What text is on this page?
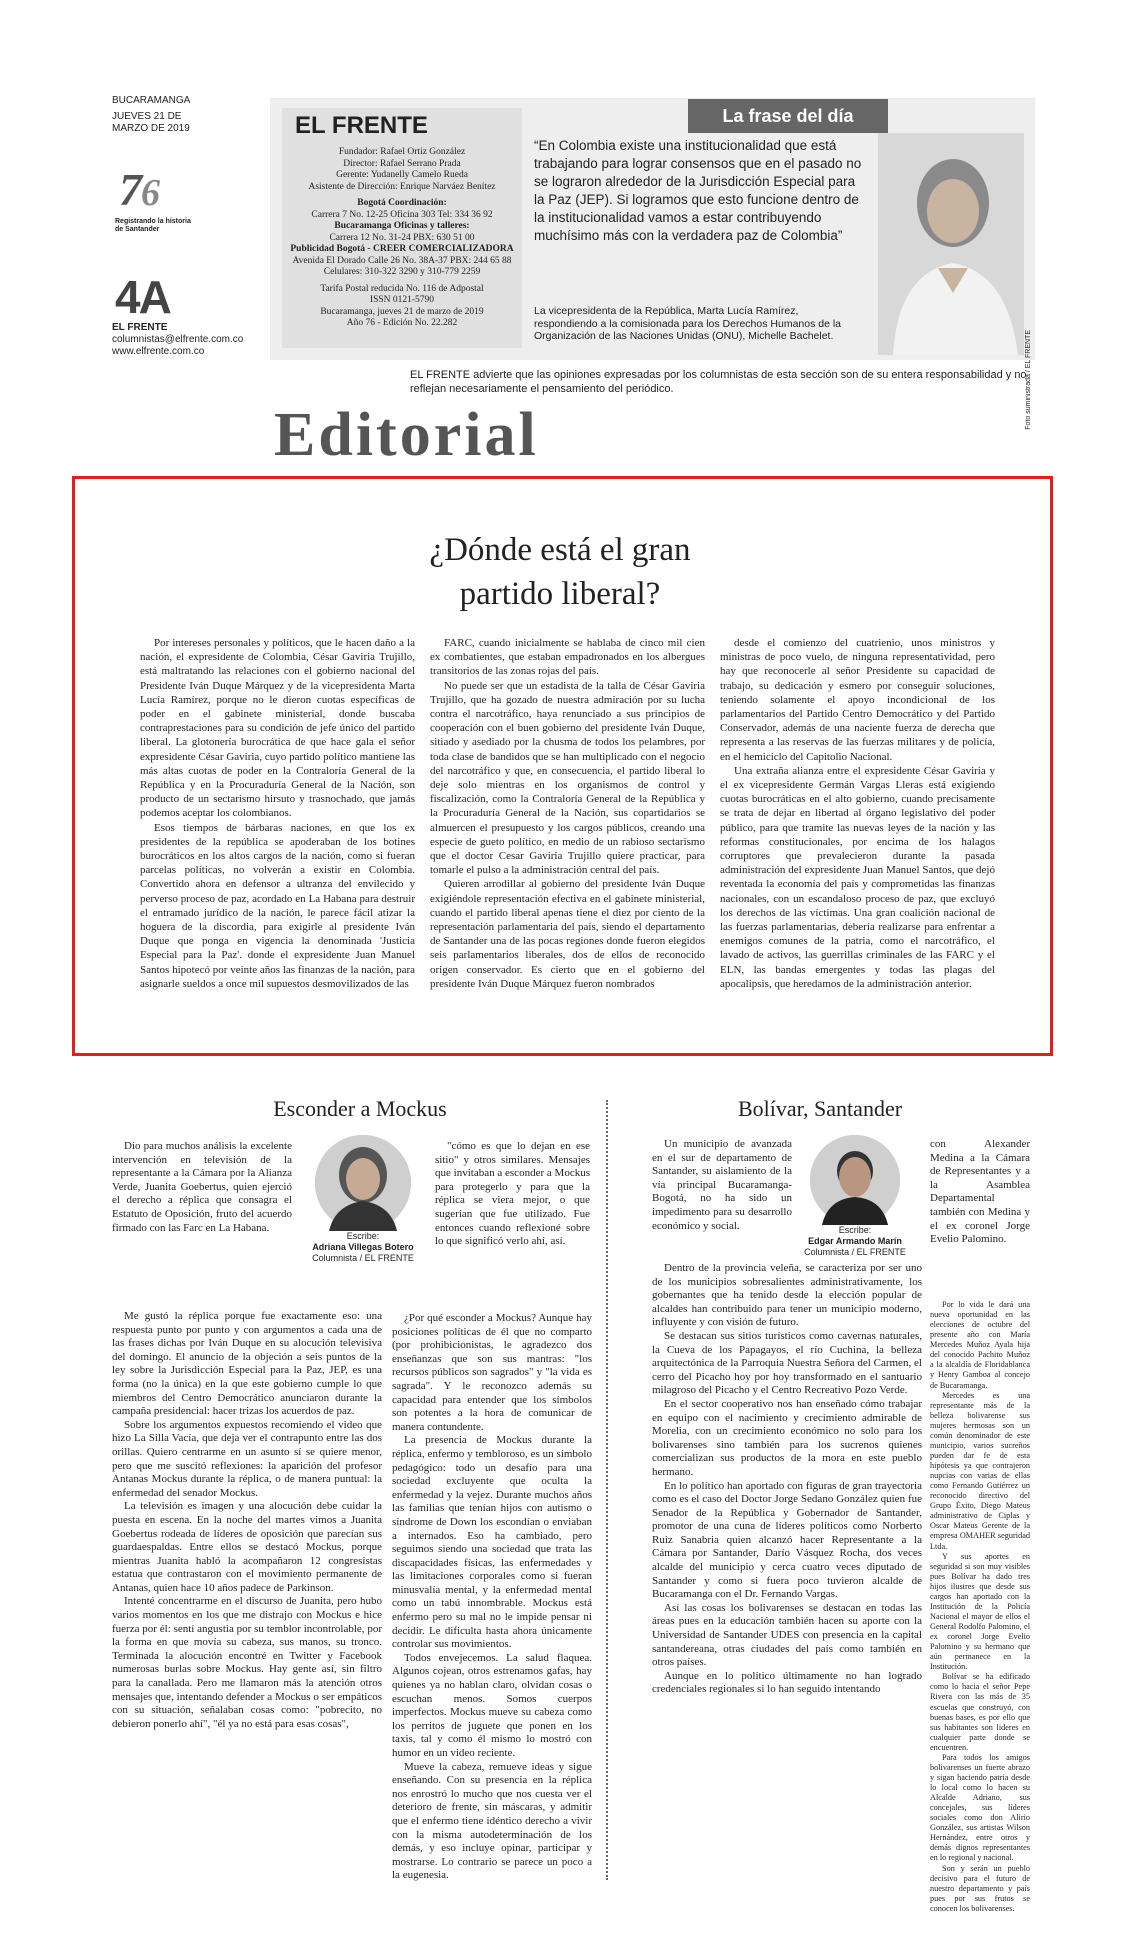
BUCARAMANGA
JUEVES 21 DE MARZO DE 2019
7 6
Registrando la historia de Santander
4A
EL FRENTE
columnistas@elfrente.com.co
www.elfrente.com.co
EL FRENTE
Fundador: Rafael Ortiz González
Director: Rafael Serrano Prada
Gerente: Yudanelly Camelo Rueda
Asistente de Dirección: Enrique Narváez Benítez
Bogotá Coordinación:
Carrera 7 No. 12-25 Oficina 303 Tel: 334 36 92
Bucaramanga Oficinas y talleres:
Carrera 12 No. 31-24 PBX: 630 51 00
Publicidad Bogotá - CREER COMERCIALIZADORA
Avenida El Dorado Calle 26 No. 38A-37 PBX: 244 65 88
Celulares: 310-322 3290 y 310-779 2259
Tarifa Postal reducida No. 116 de Adpostal
ISSN 0121-5790
Bucaramanga, jueves 21 de marzo de 2019
Año 76 - Edición No. 22.282
La frase del día
“En Colombia existe una institucionalidad que está trabajando para lograr consensos que en el pasado no se lograron alrededor de la Jurisdicción Especial para la Paz (JEP). Si logramos que esto funcione dentro de la institucionalidad vamos a estar contribuyendo muchísimo más con la verdadera paz de Colombia”
La vicepresidenta de la República, Marta Lucía Ramírez, respondiendo a la comisionada para los Derechos Humanos de la Organización de las Naciones Unidas (ONU), Michelle Bachelet.	Foto suministrada / EL FRENTE
EL FRENTE advierte que las opiniones expresadas por los columnistas de esta sección son de su entera responsabilidad y no reflejan necesariamente el pensamiento del periódico.
Editorial
¿Dónde está el gran
partido liberal?

Por intereses personales y políticos, que le hacen daño a la nación, el expresidente de Colombia, César Gaviria Trujillo, está maltratando las relaciones con el gobierno nacional del Presidente Iván Duque Márquez y de la vicepresidenta Marta Lucía Ramírez, porque no le dieron cuotas específicas de poder en el gabinete ministerial, donde buscaba contraprestaciones para su condición de jefe único del partido liberal. La glotonería burocrática de que hace gala el señor expresidente César Gaviria, cuyo partido político mantiene las más altas cuotas de poder en la Contraloría General de la República y en la Procuraduría General de la Nación, son producto de un sectarismo hirsuto y trasnochado, que jamás podemos aceptar los colombianos.

Esos tiempos de bárbaras naciones, en que los ex presidentes de la república se apoderaban de los botines burocráticos en los altos cargos de la nación, como si fueran parcelas políticas, no volverán a existir en Colombia. Convertido ahora en defensor a ultranza del envilecido y perverso proceso de paz, acordado en La Habana para destruir el entramado jurídico de la nación, le parece fácil atizar la hoguera de la discordia, para exigirle al presidente Iván Duque que ponga en vigencia la denominada 'Justicia Especial para la Paz'. donde el expresidente Juan Manuel Santos hipotecó por veinte años las finanzas de la nación, para asignarle sueldos a once mil supuestos desmovilizados de las

FARC, cuando inicialmente se hablaba de cinco mil cien ex combatientes, que estaban empadronados en los albergues transitorios de las zonas rojas del país.

No puede ser que un estadista de la talla de César Gaviria Trujillo, que ha gozado de nuestra admiración por su lucha contra el narcotráfico, haya renunciado a sus principios de cooperación con el buen gobierno del presidente Iván Duque, sitiado y asediado por la chusma de todos los pelambres, por toda clase de bandidos que se han multiplicado con el negocio del narcotráfico y que, en consecuencia, el partido liberal lo deje solo mientras en los organismos de control y fiscalización, como la Contraloría General de la República y la Procuraduría General de la Nación, sus copartidarios se almuercen el presupuesto y los cargos públicos, creando una especie de gueto político, en medio de un rabioso sectarismo que el doctor Cesar Gaviria Trujillo quiere practicar, para tomarle el pulso a la administración central del país.

Quieren arrodillar al gobierno del presidente Iván Duque exigiéndole representación efectiva en el gabinete ministerial, cuando el partido liberal apenas tiene el diez por ciento de la representación parlamentaria del país, siendo el departamento de Santander una de las pocas regiones donde fueron elegidos seis parlamentarios liberales, dos de ellos de reconocido origen conservador. Es cierto que en el gobierno del presidente Iván Duque Márquez fueron nombrados

desde el comienzo del cuatrienio, unos ministros y ministras de poco vuelo, de ninguna representatividad, pero hay que reconocerle al señor Presidente su capacidad de trabajo, su dedicación y esmero por conseguir soluciones, teniendo solamente el apoyo incondicional de los parlamentarios del Partido Centro Democrático y del Partido Conservador, además de una naciente fuerza de derecha que representa a las reservas de las fuerzas militares y de policía, en el hemiciclo del Capitolio Nacional.

Una extraña alianza entre el expresidente César Gaviria y el ex vicepresidente Germán Vargas Lleras está exigiendo cuotas burocráticas en el alto gobierno, cuando precisamente se trata de dejar en libertad al órgano legislativo del poder público, para que tramite las nuevas leyes de la nación y las reformas constitucionales, por encima de los halagos corruptores que prevalecieron durante la pasada administración del expresidente Juan Manuel Santos, que dejó reventada la economía del país y comprometidas las finanzas nacionales, con un escandaloso proceso de paz, que excluyó los derechos de las víctimas. Una gran coalición nacional de las fuerzas parlamentarias, debería realizarse para enfrentar a enemigos comunes de la patria, como el narcotráfico, el lavado de activos, las guerrillas criminales de las FARC y el ELN, las bandas emergentes y todas las plagas del apocalipsis, que heredamos de la administración anterior.

Esconder a Mockus
Escribe:
Adriana Villegas Botero
Columnista / EL FRENTE

Dio para muchos análisis la excelente intervención en televisión de la representante a la Cámara por la Alianza Verde, Juanita Goebertus, quien ejerció el derecho a réplica que consagra el Estatuto de Oposición, fruto del acuerdo firmado con las Farc en La Habana.

Me gustó la réplica porque fue exactamente eso: una respuesta punto por punto y con argumentos a cada una de las frases dichas por Iván Duque en su alocución televisiva del domingo. El anuncio de la objeción a seis puntos de la ley sobre la Jurisdicción Especial para la Paz, JEP, es una forma (no la única) en la que este gobierno cumple lo que miembros del Centro Democrático anunciaron durante la campaña presidencial: hacer trizas los acuerdos de paz.

Sobre los argumentos expuestos recomiendo el video que hizo La Silla Vacía, que deja ver el contrapunto entre las dos orillas. Quiero centrarme en un asunto sí se quiere menor, pero que me suscitó reflexiones: la aparición del profesor Antanas Mockus durante la réplica, o de manera puntual: la enfermedad del senador Mockus.

La televisión es imagen y una alocución debe cuidar la puesta en escena. En la noche del martes vimos a Juanita Goebertus rodeada de líderes de oposición que parecían sus guardaespaldas. Entre ellos se destacó Mockus, porque mientras Juanita habló la acompañaron 12 congresistas estatua que contrastaron con el movimiento permanente de Antanas, quien hace 10 años padece de Parkinson.

Intenté concentrarme en el discurso de Juanita, pero hubo varios momentos en los que me distrajo con Mockus e hice fuerza por él: sentí angustia por su temblor incontrolable, por la forma en que movía su cabeza, sus manos, su tronco. Terminada la alocución encontré en Twitter y Facebook numerosas burlas sobre Mockus. Hay gente así, sin filtro para la canallada. Pero me llamaron más la atención otros mensajes que, intentando defender a Mockus o ser empáticos con su situación, señalaban cosas como: "pobrecito, no debieron ponerlo ahí", "él ya no está para esas cosas",

"cómo es que lo dejan en ese sitio" y otros similares. Mensajes que invitaban a esconder a Mockus para protegerlo y para que la réplica se viera mejor, o que sugerían que fue utilizado. Fue entonces cuando reflexioné sobre lo que significó verlo ahí, así.

¿Por qué esconder a Mockus? Aunque hay posiciones políticas de él que no comparto (por prohibicionistas, le agradezco dos enseñanzas que son sus mantras: "los recursos públicos son sagrados" y "la vida es sagrada". Y le reconozco además su capacidad para entender que los símbolos son potentes a la hora de comunicar de manera contundente.

La presencia de Mockus durante la réplica, enfermo y tembloroso, es un símbolo pedagógico: todo un desafío para una sociedad excluyente que oculta la enfermedad y la vejez. Durante muchos años las familias que tenían hijos con autismo o síndrome de Down los escondían o enviaban a internados. Eso ha cambiado, pero seguimos siendo una sociedad que trata las discapacidades físicas, las enfermedades y las limitaciones corporales como si fueran minusvalía mental, y la enfermedad mental como un tabú innombrable. Mockus está enfermo pero su mal no le impide pensar ni decidir. Le dificulta hasta ahora únicamente controlar sus movimientos.

Todos envejecemos. La salud flaquea. Algunos cojean, otros estrenamos gafas, hay quienes ya no hablan claro, olvidan cosas o escuchan menos. Somos cuerpos imperfectos. Mockus mueve su cabeza como los perritos de juguete que ponen en los taxis, tal y como él mismo lo mostró con humor en un video reciente.

Mueve la cabeza, remueve ideas y sigue enseñando. Con su presencia en la réplica nos enrostró lo mucho que nos cuesta ver el deterioro de frente, sin máscaras, y admitir que el enfermo tiene idéntico derecho a vivir con la misma autodeterminación de los demás, y eso incluye opinar, participar y mostrarse. Lo contrario se parece un poco a la eugenesia.

Bolívar, Santander
Escribe:
Edgar Armando Marín
Columnista / EL FRENTE

Un municipio de avanzada en el sur de departamento de Santander, su aislamiento de la vía principal Bucaramanga-Bogotá, no ha sido un impedimento para su desarrollo económico y social.

Dentro de la provincia veleña, se caracteriza por ser uno de los municipios sobresalientes administrativamente, los gobernantes que ha tenido desde la elección popular de alcaldes han contribuido para tener un municipio moderno, influyente y con visión de futuro.

Se destacan sus sitios turísticos como cavernas naturales, la Cueva de los Papagayos, el río Cuchina, la belleza arquitectónica de la Parroquia Nuestra Señora del Carmen, el cerro del Picacho hoy por hoy transformado en el santuario milagroso del Picacho y el Centro Recreativo Pozo Verde.

En el sector cooperativo nos han enseñado cómo trabajar en equipo con el nacimiento y crecimiento admirable de Morelia, con un crecimiento económico no solo para los bolivarenses sino también para los sucrenos quienes comercializan sus productos de la mora en este pueblo hermano.

En lo político han aportado con figuras de gran trayectoria como es el caso del Doctor Jorge Sedano González quien fue Senador de la República y Gobernador de Santander, promotor de una cuna de líderes políticos como Norberto Ruiz Sanabria quien alcanzó hacer Representante a la Cámara por Santander, Darío Vásquez Rocha, dos veces alcalde del municipio y cerca cuatro veces diputado de Santander y como si fuera poco tuvieron alcalde de Bucaramanga con el Dr. Fernando Vargas.

Así las cosas los bolivarenses se destacan en todas las áreas pues en la educación también hacen su aporte con la Universidad de Santander UDES con presencia en la capital santandereana, otras ciudades del país como también en otros países.

Aunque en lo político últimamente no han logrado credenciales regionales si lo han seguido intentando

con Alexander Medina a la Cámara de Representantes y a la Asamblea Departamental también con Medina y el ex coronel Jorge Evelio Palomino.

Por lo vida le dará una nueva oportunidad en las elecciones de octubre del presente año con María Mercedes Muñoz Ayala hija del conocido Pachito Muñoz a la alcaldía de Floridablanca y Henry Gamboa al concejo de Bucaramanga.

Mercedes es una representante más de la belleza bolivarense sus mujeres hermosas son un común denominador de este municipio, varios sucreños pueden dar fe de esta hipótesis ya que contrajeron nupcias con varias de ellas como Fernando Gutiérrez un reconocido directivo del Grupo Éxito, Diego Mateus administrativo de Ciplas y Oscar Mateus Gerente de la empresa OMAHER seguridad Ltda.

Y sus aportes en seguridad si son muy visibles pues Bolívar ha dado tres hijos ilustres que desde sus cargos han aportado con la Institución de la Policía Nacional el mayor de ellos el General Rodolfo Palomino, el ex coronel Jorge Evelio Palomino y su hermano que aún permanece en la Institución.

Bolívar se ha edificado como lo hacia el señor Pepe Rivera con las más de 35 escuelas que construyó, con buenas bases, es por ello que sus habitantes son lideres en cualquier parte donde se encuentren.

Para todos los amigos bolivarenses un fuerte abrazo y sigan haciendo patria desde lo local como lo hacen su Alcalde Adriano, sus concejales, sus líderes sociales como don Alirio González, sus artistas Wilson Hernández, entre otros y demás dignos representantes en lo regional y nacional.

Son y serán un pueblo decisivo para el futuro de nuestro departamento y país pues por sus frutos se conocen los bolivarenses.
